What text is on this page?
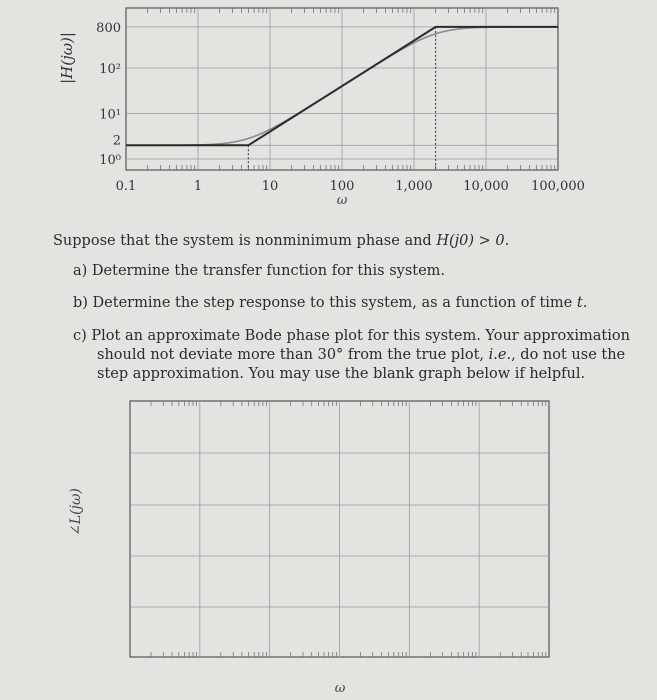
0.1	1	10	100	1,000 10,000 100,000
10⁰
2
10¹
10²
800
ω
|H(jω)|
∠L(jω)
ω
Suppose that the system is nonminimum phase and H(j0) > 0.
a) Determine the transfer function for this system.
b) Determine the step response to this system, as a function of time t.
c) Plot an approximate Bode phase plot for this system. Your approximation
should not deviate more than 30° from the true plot, i.e., do not use the
step approximation. You may use the blank graph below if helpful.
